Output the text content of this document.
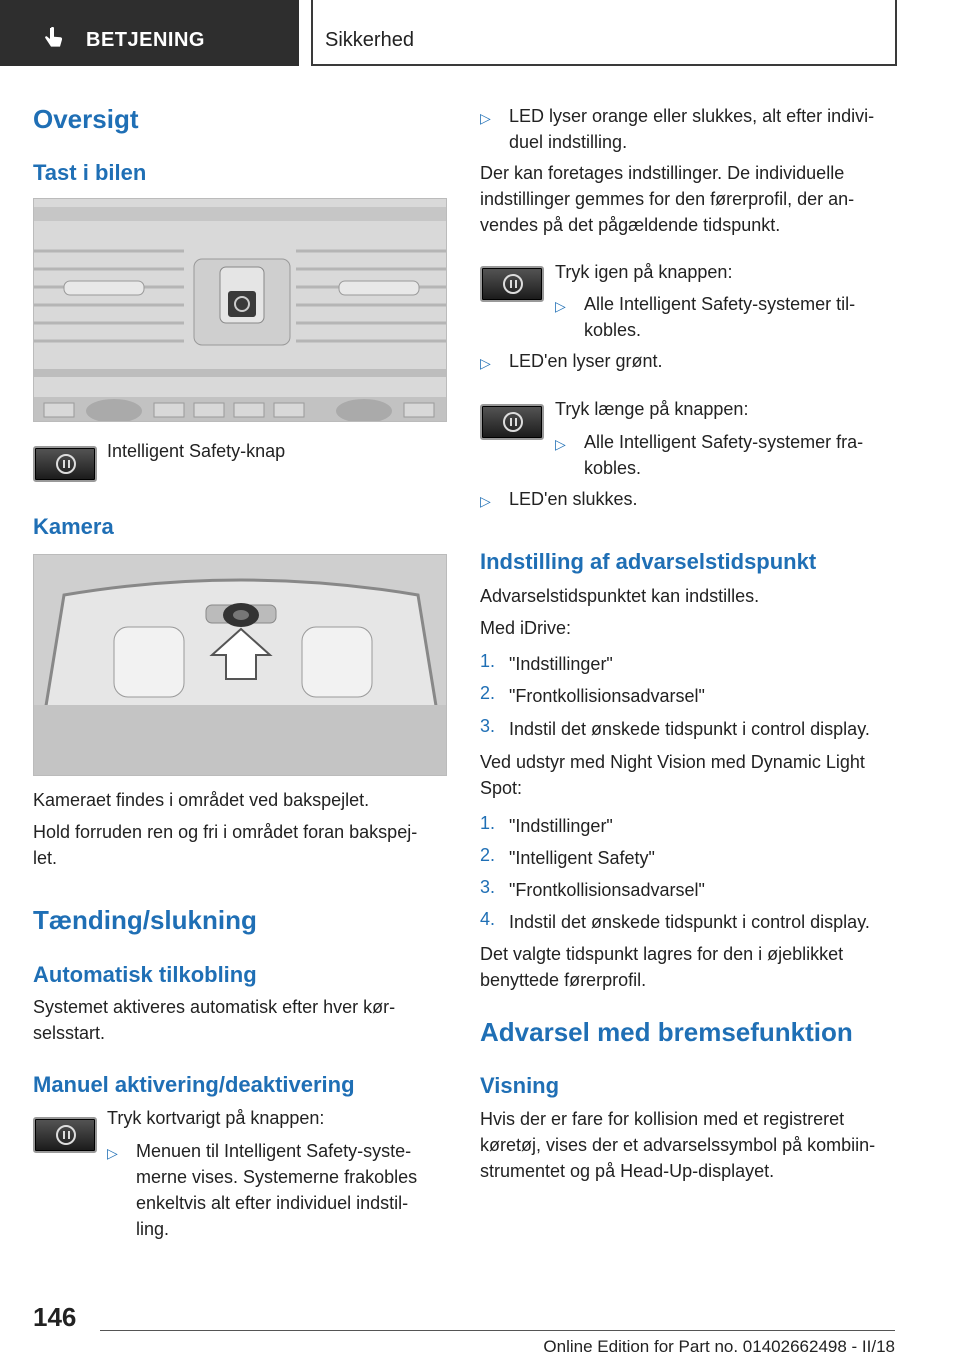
BETJENING	Sikkerhed
Oversigt
Tast i bilen
Intelligent Safety-knap
Kamera
Kameraet findes i området ved bakspejlet.
Hold forruden ren og fri i området foran bakspej-
let.
Tænding/slukning
Automatisk tilkobling
Systemet aktiveres automatisk efter hver kør-
selsstart.
Manuel aktivering/deaktivering
Tryk kortvarigt på knappen:
▷ Menuen til Intelligent Safety-syste-
merne vises. Systemerne frakobles
enkeltvis alt efter individuel indstil-
ling.
▷ LED lyser orange eller slukkes, alt efter indivi-
duel indstilling.
Der kan foretages indstillinger. De individuelle
indstillinger gemmes for den førerprofil, der an-
vendes på det pågældende tidspunkt.
Tryk igen på knappen:
▷ Alle Intelligent Safety-systemer til-
kobles.
▷ LED'en lyser grønt.
Tryk længe på knappen:
▷ Alle Intelligent Safety-systemer fra-
kobles.
▷ LED'en slukkes.
Indstilling af advarselstidspunkt
Advarselstidspunktet kan indstilles.
Med iDrive:
1. "Indstillinger"
2. "Frontkollisionsadvarsel"
3. Indstil det ønskede tidspunkt i control display.
Ved udstyr med Night Vision med Dynamic Light
Spot:
1. "Indstillinger"
2. "Intelligent Safety"
3. "Frontkollisionsadvarsel"
4. Indstil det ønskede tidspunkt i control display.
Det valgte tidspunkt lagres for den i øjeblikket
benyttede førerprofil.
Advarsel med bremsefunktion
Visning
Hvis der er fare for kollision med et registreret
køretøj, vises der et advarselssymbol på kombiin-
strumentet og på Head-Up-displayet.
146
Online Edition for Part no. 01402662498 - II/18
